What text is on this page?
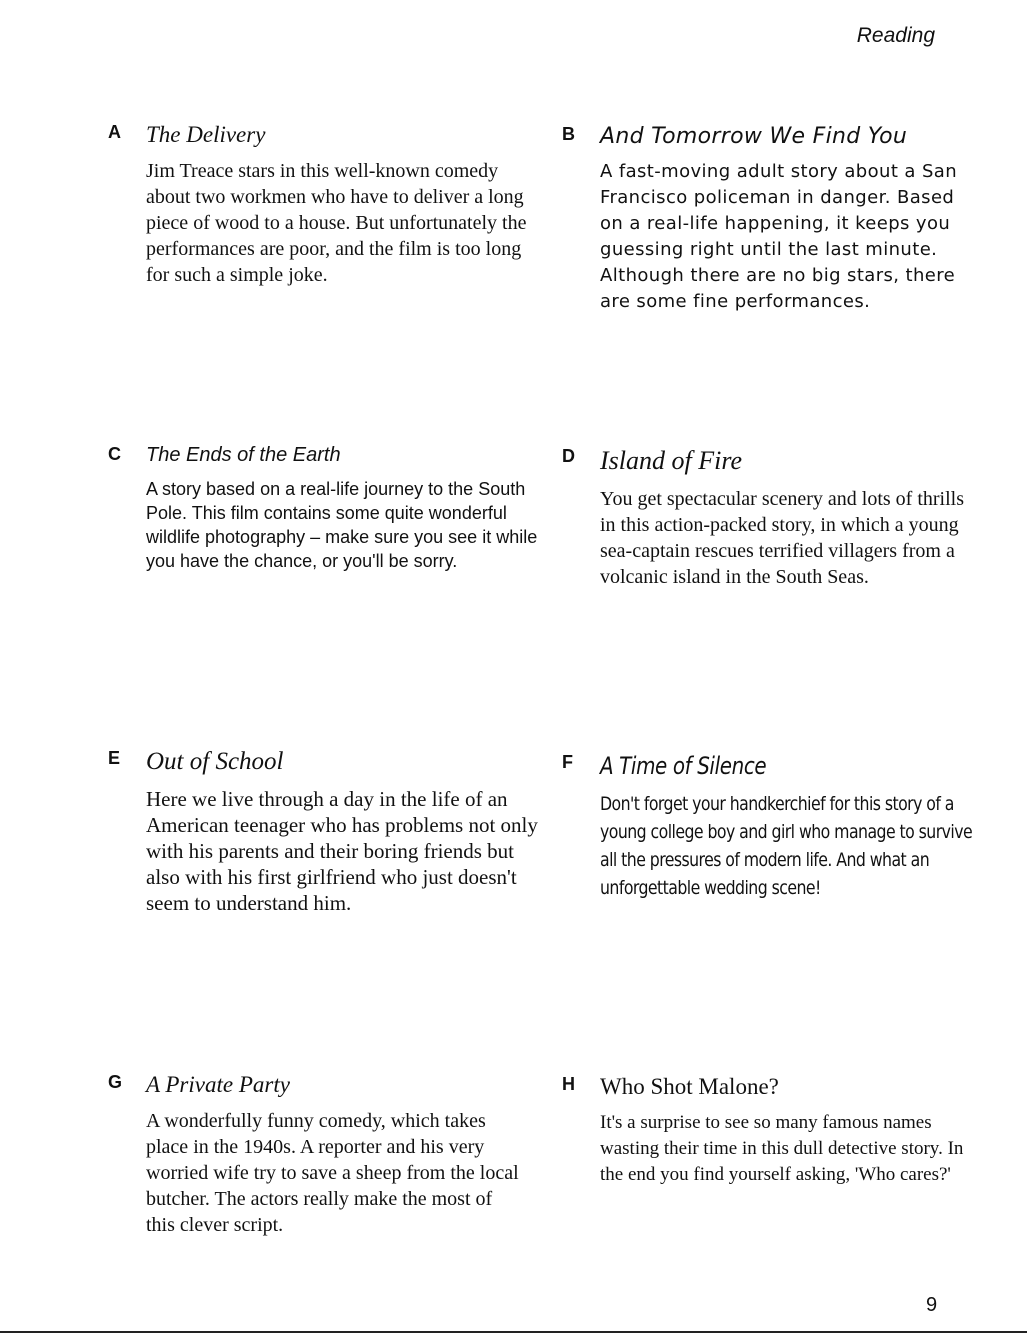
Reading
A The Delivery

Jim Treace stars in this well-known comedy about two workmen who have to deliver a long piece of wood to a house. But unfortunately the performances are poor, and the film is too long for such a simple joke.

B And Tomorrow We Find You

A fast-moving adult story about a San Francisco policeman in danger. Based on a real-life happening, it keeps you guessing right until the last minute. Although there are no big stars, there are some fine performances.

C The Ends of the Earth

A story based on a real-life journey to the South Pole. This film contains some quite wonderful wildlife photography – make sure you see it while you have the chance, or you'll be sorry.

D Island of Fire

You get spectacular scenery and lots of thrills in this action-packed story, in which a young sea-captain rescues terrified villagers from a volcanic island in the South Seas.

E Out of School

Here we live through a day in the life of an American teenager who has problems not only with his parents and their boring friends but also with his first girlfriend who just doesn't seem to understand him.

F A Time of Silence

Don't forget your handkerchief for this story of a young college boy and girl who manage to survive all the pressures of modern life. And what an unforgettable wedding scene!

G A Private Party

A wonderfully funny comedy, which takes place in the 1940s. A reporter and his very worried wife try to save a sheep from the local butcher. The actors really make the most of this clever script.

H Who Shot Malone?

It's a surprise to see so many famous names wasting their time in this dull detective story. In the end you find yourself asking, 'Who cares?'

9
